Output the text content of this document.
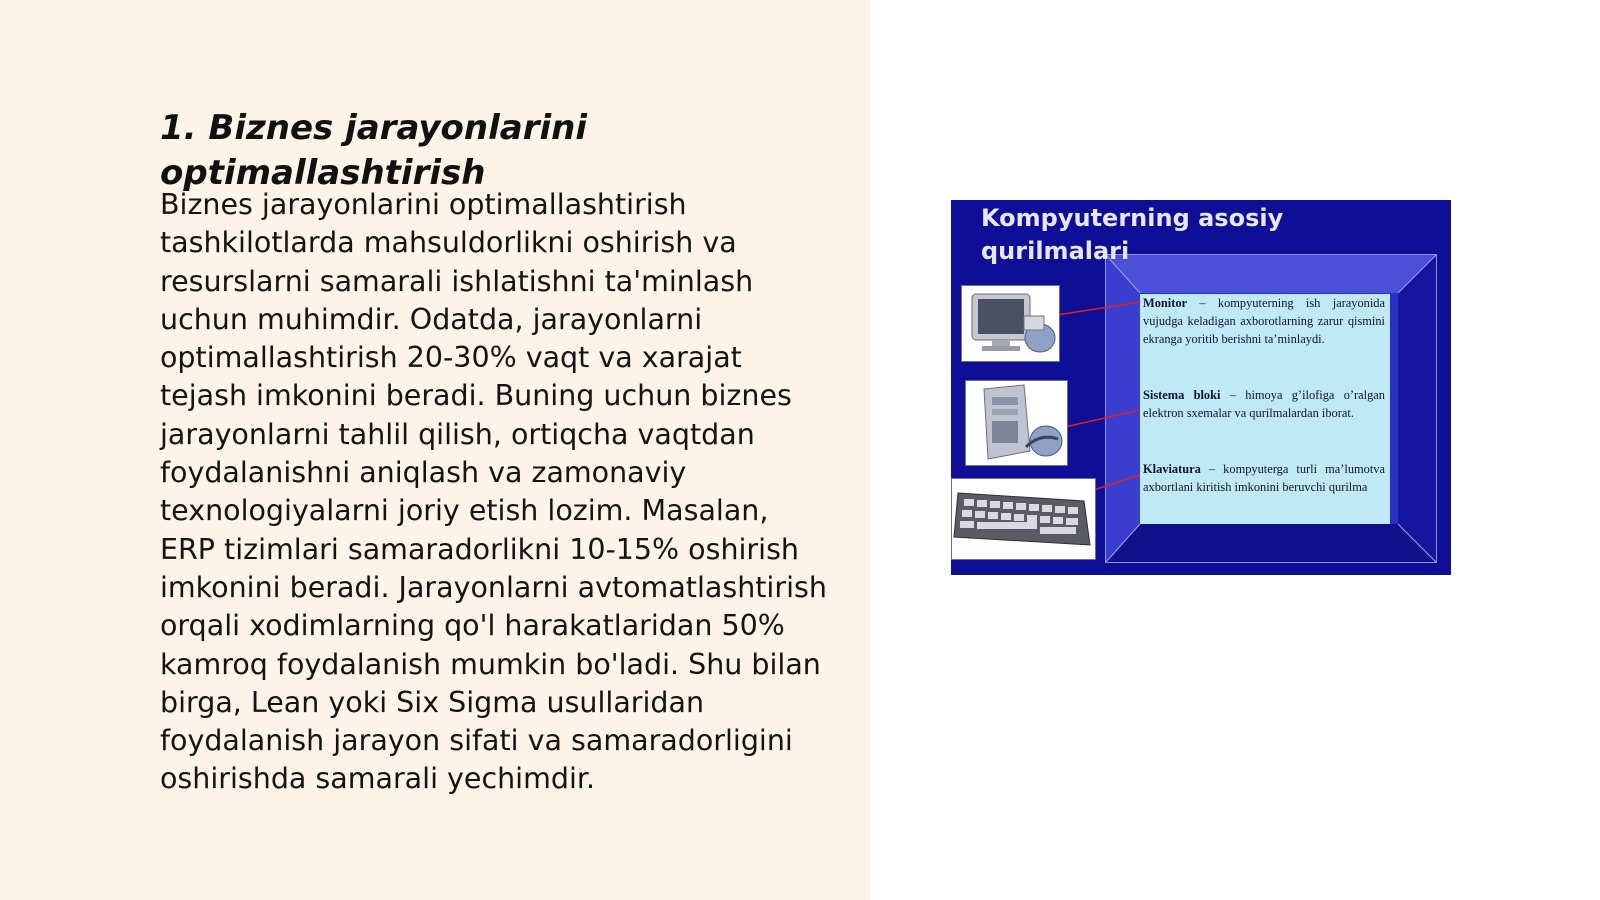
1. Biznes jarayonlarini optimallashtirish

Biznes jarayonlarini optimallashtirish tashkilotlarda mahsuldorlikni oshirish va resurslarni samarali ishlatishni ta'minlash uchun muhimdir. Odatda, jarayonlarni optimallashtirish 20-30% vaqt va xarajat tejash imkonini beradi. Buning uchun biznes jarayonlarni tahlil qilish, ortiqcha vaqtdan foydalanishni aniqlash va zamonaviy texnologiyalarni joriy etish lozim. Masalan, ERP tizimlari samaradorlikni 10-15% oshirish imkonini beradi. Jarayonlarni avtomatlashtirish orqali xodimlarning qo'l harakatlaridan 50% kamroq foydalanish mumkin bo'ladi. Shu bilan birga, Lean yoki Six Sigma usullaridan foydalanish jarayon sifati va samaradorligini oshirishda samarali yechimdir.

Kompyuterning asosiy qurilmalari

Monitor – kompyuterning ish jarayonida vujudga keladigan axborotlarning zarur qismini ekranga yoritib berishni ta’minlaydi.

Sistema bloki – himoya g’ilofiga o’ralgan elektron sxemalar va qurilmalardan iborat.

Klaviatura – kompyuterga turli ma’lumotva axbortlani kiritish imkonini beruvchi qurilma
